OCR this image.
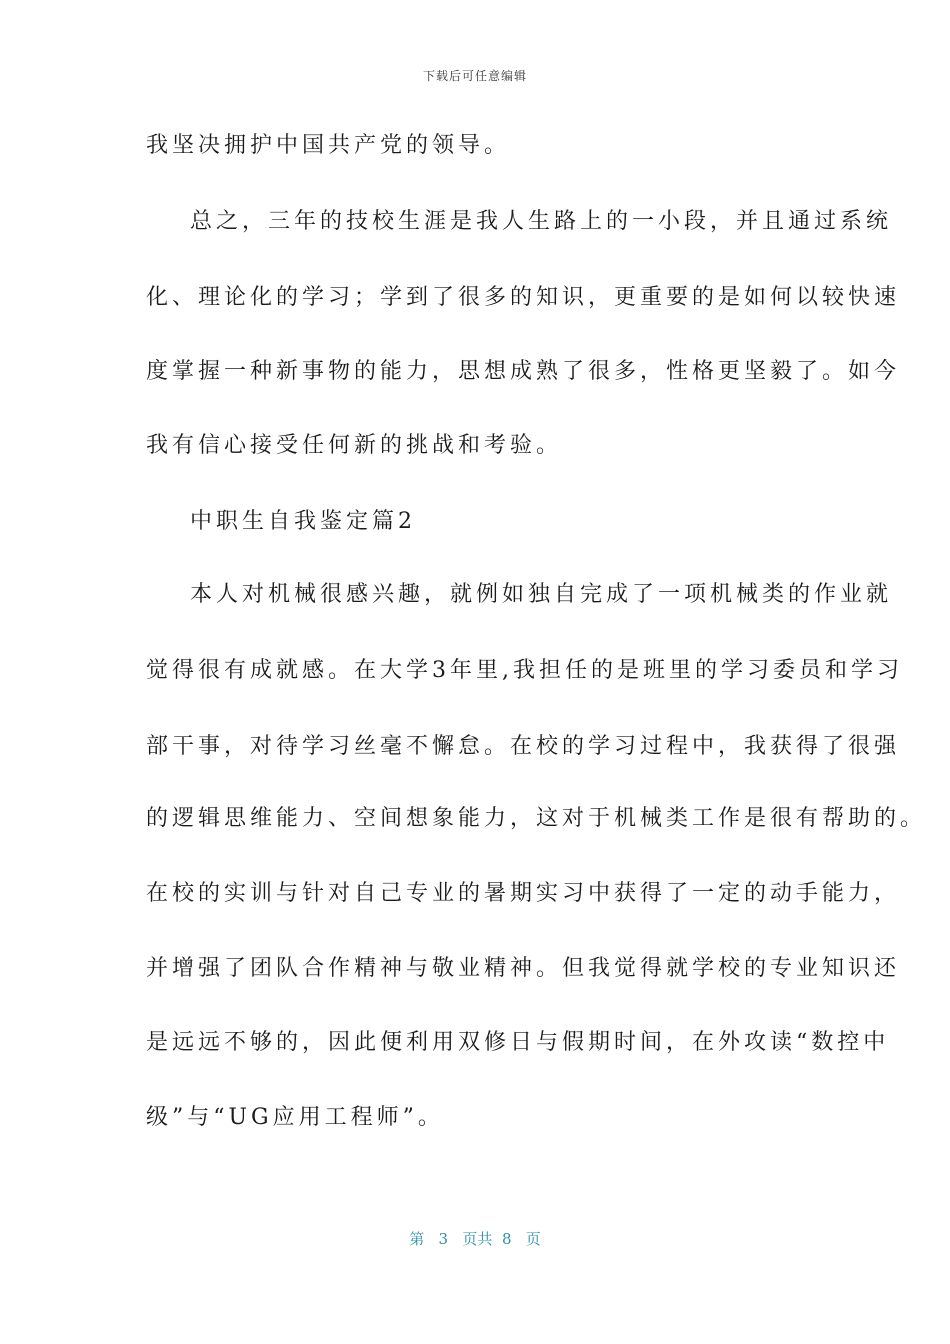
下载后可任意编辑
我坚决拥护中国共产党的领导。
总之，三年的技校生涯是我人生路上的一小段，并且通过系统
化、理论化的学习；学到了很多的知识，更重要的是如何以较快速
度掌握一种新事物的能力，思想成熟了很多，性格更坚毅了。如今
我有信心接受任何新的挑战和考验。
中职生自我鉴定篇2
本人对机械很感兴趣，就例如独自完成了一项机械类的作业就
觉得很有成就感。在大学3年里,我担任的是班里的学习委员和学习
部干事，对待学习丝毫不懈怠。在校的学习过程中，我获得了很强
的逻辑思维能力、空间想象能力，这对于机械类工作是很有帮助的。
在校的实训与针对自己专业的暑期实习中获得了一定的动手能力，
并增强了团队合作精神与敬业精神。但我觉得就学校的专业知识还
是远远不够的，因此便利用双修日与假期时间，在外攻读“数控中
级”与“UG应用工程师”。
第 3 页共 8 页
